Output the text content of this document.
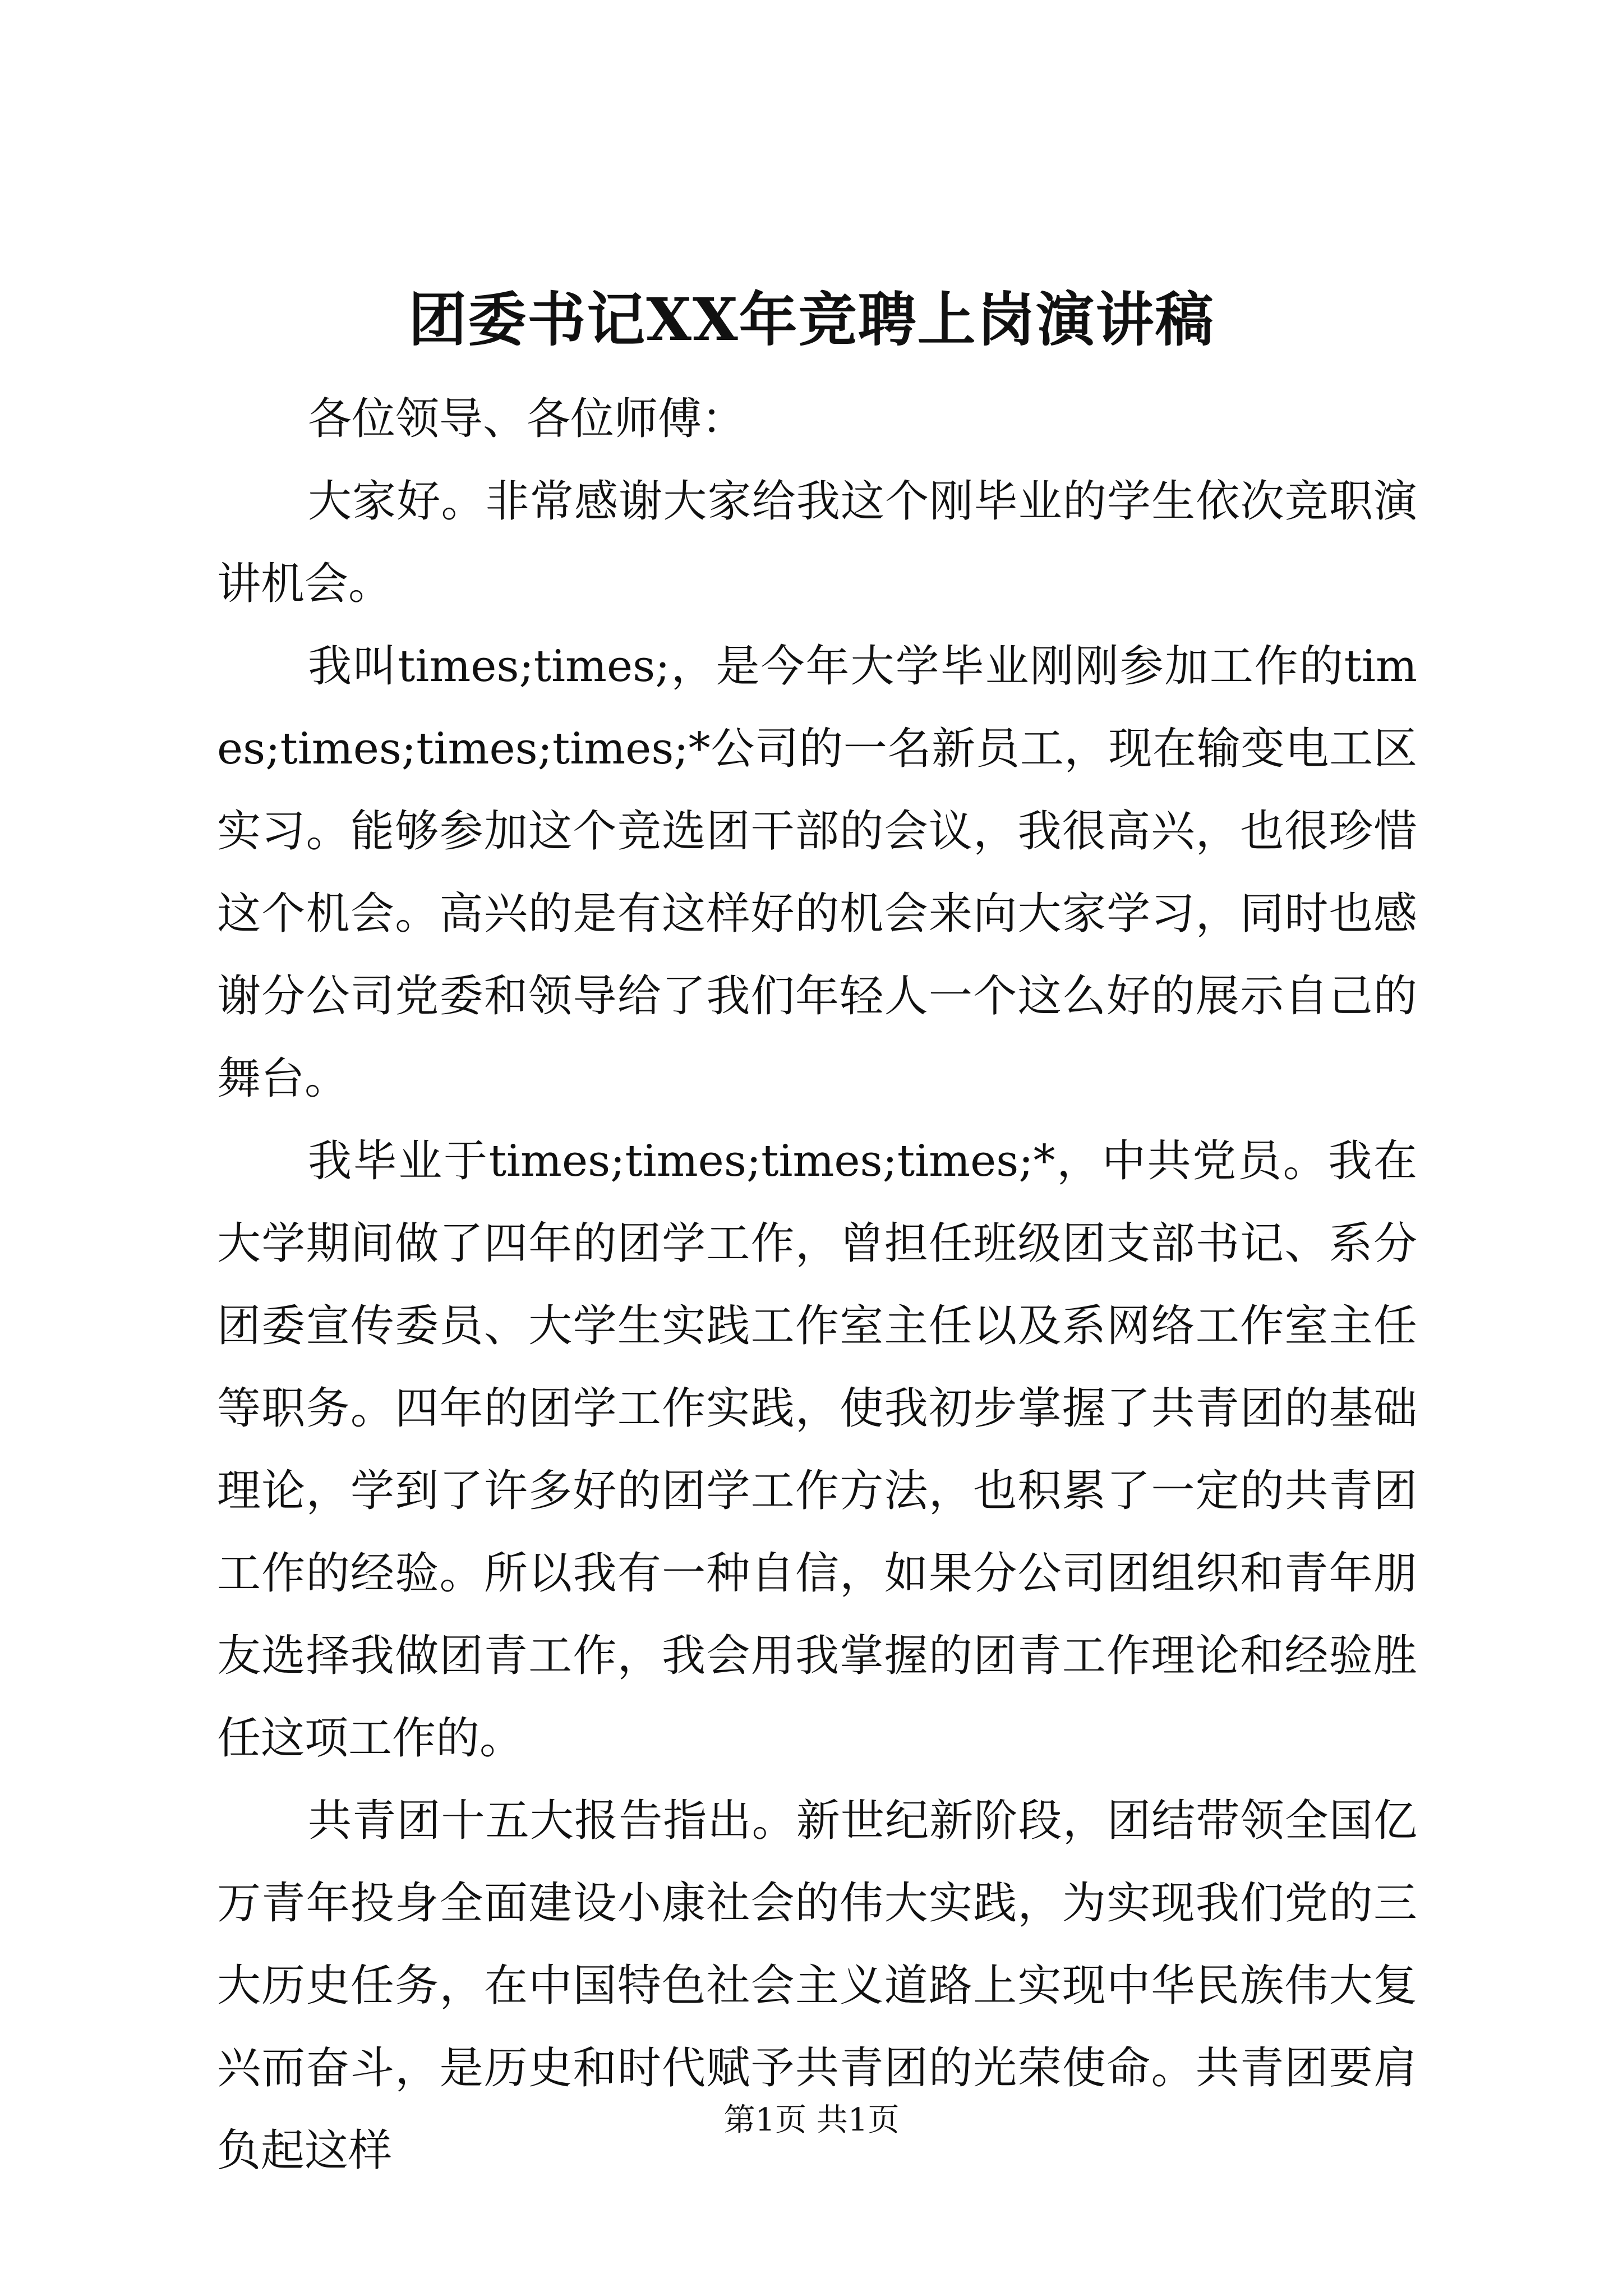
团委书记XX年竞聘上岗演讲稿

各位领导、各位师傅：

大家好。非常感谢大家给我这个刚毕业的学生依次竞职演讲机会。

我叫times;times;，是今年大学毕业刚刚参加工作的times;times;times;times;*公司的一名新员工，现在输变电工区实习。能够参加这个竞选团干部的会议，我很高兴，也很珍惜这个机会。高兴的是有这样好的机会来向大家学习，同时也感谢分公司党委和领导给了我们年轻人一个这么好的展示自己的舞台。

我毕业于times;times;times;times;*，中共党员。我在大学期间做了四年的团学工作，曾担任班级团支部书记、系分团委宣传委员、大学生实践工作室主任以及系网络工作室主任等职务。四年的团学工作实践，使我初步掌握了共青团的基础理论，学到了许多好的团学工作方法，也积累了一定的共青团工作的经验。所以我有一种自信，如果分公司团组织和青年朋友选择我做团青工作，我会用我掌握的团青工作理论和经验胜任这项工作的。

共青团十五大报告指出。新世纪新阶段，团结带领全国亿万青年投身全面建设小康社会的伟大实践，为实现我们党的三大历史任务，在中国特色社会主义道路上实现中华民族伟大复兴而奋斗，是历史和时代赋予共青团的光荣使命。共青团要肩负起这样

第1页 共1页
